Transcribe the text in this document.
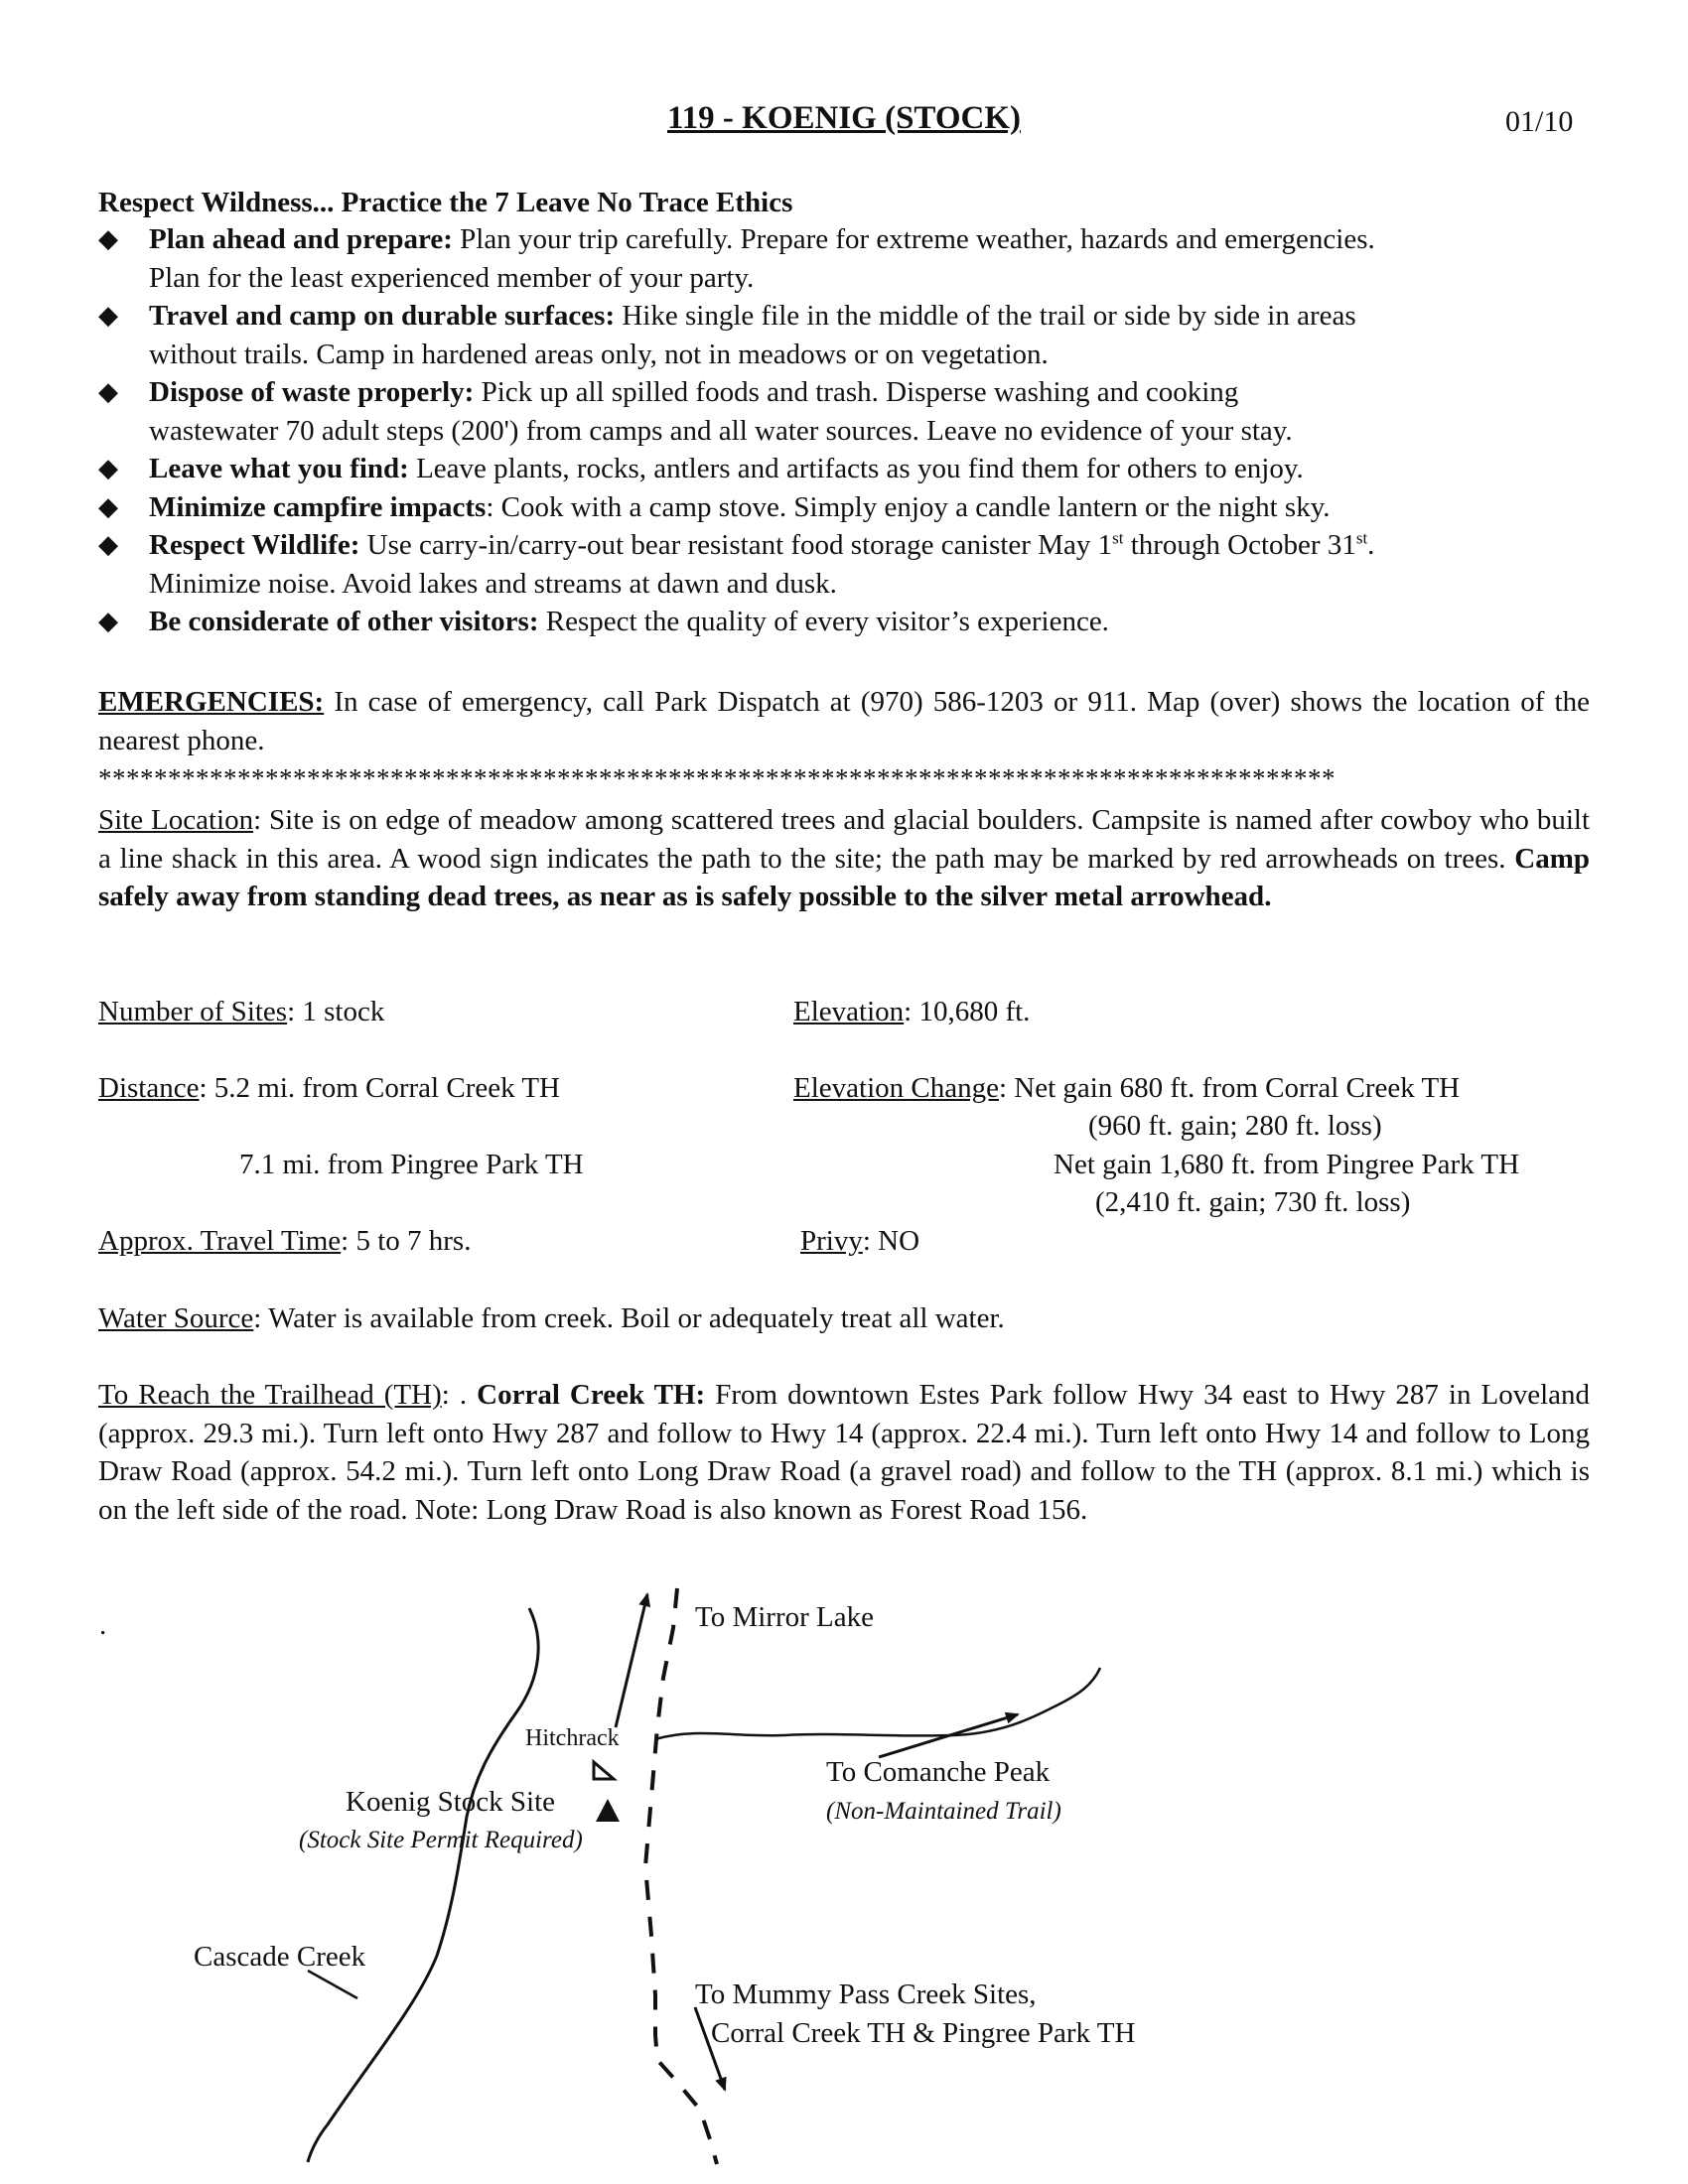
119 - KOENIG (STOCK)	01/10
Respect Wildness... Practice the 7 Leave No Trace Ethics
◆ Plan ahead and prepare: Plan your trip carefully. Prepare for extreme weather, hazards and emergencies.
Plan for the least experienced member of your party.
◆ Travel and camp on durable surfaces: Hike single file in the middle of the trail or side by side in areas
without trails. Camp in hardened areas only, not in meadows or on vegetation.
◆ Dispose of waste properly: Pick up all spilled foods and trash. Disperse washing and cooking
wastewater 70 adult steps (200') from camps and all water sources. Leave no evidence of your stay.
◆ Leave what you find: Leave plants, rocks, antlers and artifacts as you find them for others to enjoy.
◆ Minimize campfire impacts: Cook with a camp stove. Simply enjoy a candle lantern or the night sky.
◆ Respect Wildlife: Use carry-in/carry-out bear resistant food storage canister May 1st through October 31st.
Minimize noise. Avoid lakes and streams at dawn and dusk.
◆ Be considerate of other visitors: Respect the quality of every visitor’s experience.
EMERGENCIES: In case of emergency, call Park Dispatch at (970) 586-1203 or 911. Map (over) shows the location of the nearest phone.
*****************************************************************************************
Site Location: Site is on edge of meadow among scattered trees and glacial boulders. Campsite is named after cowboy who built a line shack in this area. A wood sign indicates the path to the site; the path may be marked by red arrowheads on trees. Camp safely away from standing dead trees, as near as is safely possible to the silver metal arrowhead.
Number of Sites: 1 stock	Elevation: 10,680 ft.
Distance: 5.2 mi. from Corral Creek TH
7.1 mi. from Pingree Park TH
Elevation Change: Net gain 680 ft. from Corral Creek TH
(960 ft. gain; 280 ft. loss)
Net gain 1,680 ft. from Pingree Park TH
(2,410 ft. gain; 730 ft. loss)
Approx. Travel Time: 5 to 7 hrs.	Privy: NO
Water Source: Water is available from creek. Boil or adequately treat all water.
To Reach the Trailhead (TH): . Corral Creek TH: From downtown Estes Park follow Hwy 34 east to Hwy 287 in Loveland (approx. 29.3 mi.). Turn left onto Hwy 287 and follow to Hwy 14 (approx. 22.4 mi.). Turn left onto Hwy 14 and follow to Long Draw Road (approx. 54.2 mi.). Turn left onto Long Draw Road (a gravel road) and follow to the TH (approx. 8.1 mi.) which is on the left side of the road. Note: Long Draw Road is also known as Forest Road 156.
.	To Mirror Lake
Hitchrack
To Comanche Peak
(Non-Maintained Trail)
Koenig Stock Site
(Stock Site Permit Required)
Cascade Creek
To Mummy Pass Creek Sites,
Corral Creek TH & Pingree Park TH
